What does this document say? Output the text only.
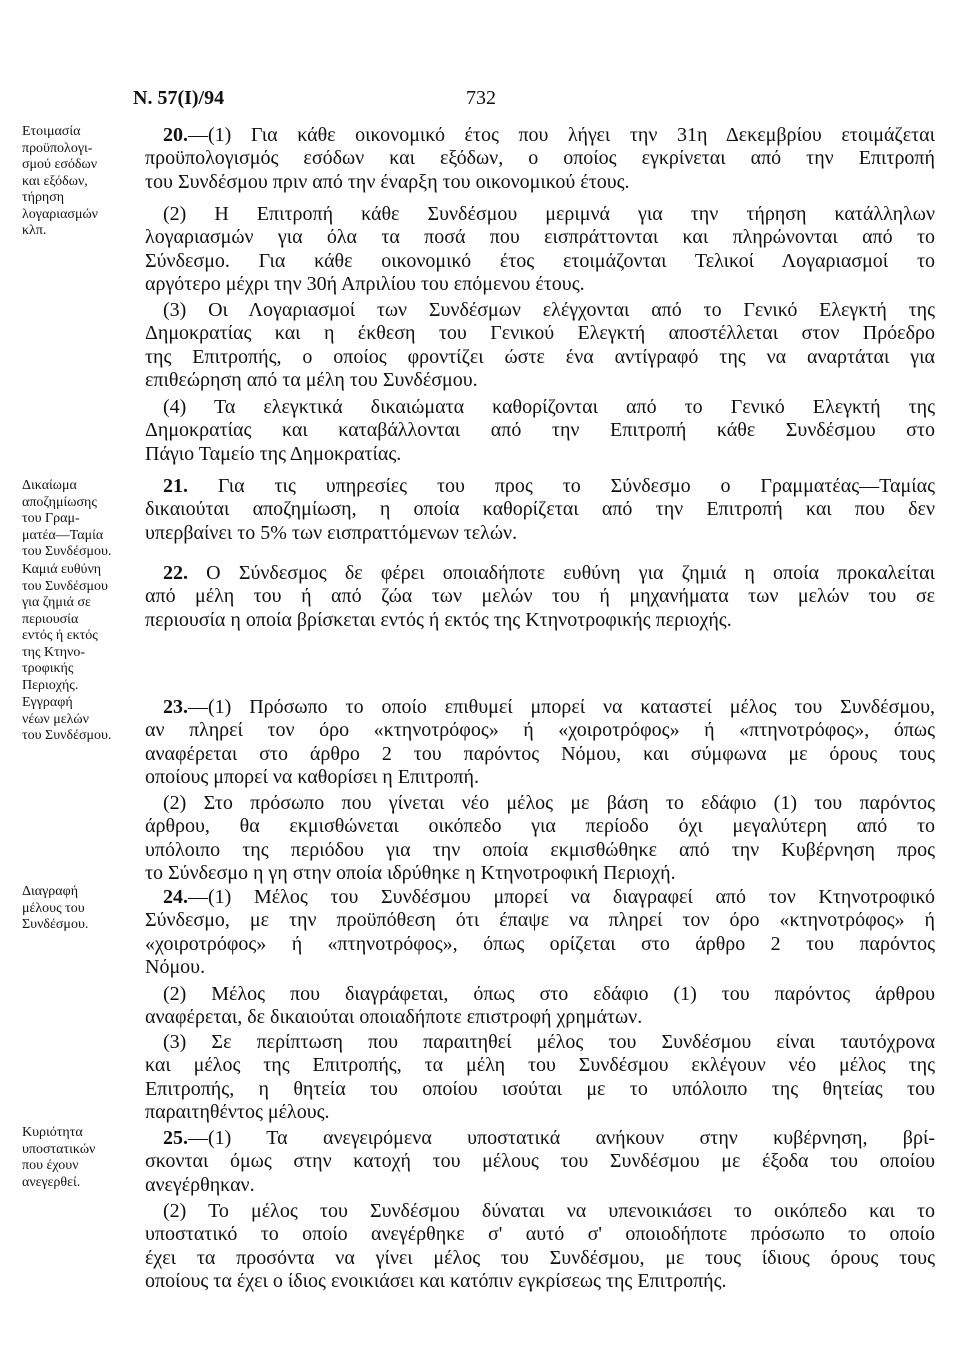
N. 57(I)/94	732
Ετοιμασία
προϋπολογι-
σμού εσόδων
και εξόδων,
τήρηση
λογαριασμών
κλπ.
Δικαίωμα
αποζημίωσης
του Γραμ-
ματέα—Ταμία
του Συνδέσμου.
Καμιά ευθύνη
του Συνδέσμου
για ζημιά σε
περιουσία
εντός ή εκτός
της Κτηνο-
τροφικής
Περιοχής.
Εγγραφή
νέων μελών
του Συνδέσμου.
Διαγραφή
μέλους του
Συνδέσμου.
Κυριότητα
υποστατικών
που έχουν
ανεγερθεί.
20.—(1) Για κάθε οικονομικό έτος που λήγει την 31η Δεκεμβρίου ετοιμάζεται
προϋπολογισμός εσόδων και εξόδων, ο οποίος εγκρίνεται από την Επιτροπή
του Συνδέσμου πριν από την έναρξη του οικονομικού έτους.
(2) Η Επιτροπή κάθε Συνδέσμου μεριμνά για την τήρηση κατάλληλων
λογαριασμών για όλα τα ποσά που εισπράττονται και πληρώνονται από το
Σύνδεσμο. Για κάθε οικονομικό έτος ετοιμάζονται Τελικοί Λογαριασμοί το
αργότερο μέχρι την 30ή Απριλίου του επόμενου έτους.
(3) Οι Λογαριασμοί των Συνδέσμων ελέγχονται από το Γενικό Ελεγκτή της
Δημοκρατίας και η έκθεση του Γενικού Ελεγκτή αποστέλλεται στον Πρόεδρο
της Επιτροπής, ο οποίος φροντίζει ώστε ένα αντίγραφό της να αναρτάται για
επιθεώρηση από τα μέλη του Συνδέσμου.
(4) Τα ελεγκτικά δικαιώματα καθορίζονται από το Γενικό Ελεγκτή της
Δημοκρατίας και καταβάλλονται από την Επιτροπή κάθε Συνδέσμου στο
Πάγιο Ταμείο της Δημοκρατίας.
21. Για τις υπηρεσίες του προς το Σύνδεσμο ο Γραμματέας—Ταμίας
δικαιούται αποζημίωση, η οποία καθορίζεται από την Επιτροπή και που δεν
υπερβαίνει το 5% των εισπραττόμενων τελών.
22. Ο Σύνδεσμος δε φέρει οποιαδήποτε ευθύνη για ζημιά η οποία προκαλείται
από μέλη του ή από ζώα των μελών του ή μηχανήματα των μελών του σε
περιουσία η οποία βρίσκεται εντός ή εκτός της Κτηνοτροφικής περιοχής.
23.—(1) Πρόσωπο το οποίο επιθυμεί μπορεί να καταστεί μέλος του Συνδέσμου,
αν πληρεί τον όρο «κτηνοτρόφος» ή «χοιροτρόφος» ή «πτηνοτρόφος», όπως
αναφέρεται στο άρθρο 2 του παρόντος Νόμου, και σύμφωνα με όρους τους
οποίους μπορεί να καθορίσει η Επιτροπή.
(2) Στο πρόσωπο που γίνεται νέο μέλος με βάση το εδάφιο (1) του παρόντος
άρθρου, θα εκμισθώνεται οικόπεδο για περίοδο όχι μεγαλύτερη από το
υπόλοιπο της περιόδου για την οποία εκμισθώθηκε από την Κυβέρνηση προς
το Σύνδεσμο η γη στην οποία ιδρύθηκε η Κτηνοτροφική Περιοχή.
24.—(1) Μέλος του Συνδέσμου μπορεί να διαγραφεί από τον Κτηνοτροφικό
Σύνδεσμο, με την προϋπόθεση ότι έπαψε να πληρεί τον όρο «κτηνοτρόφος» ή
«χοιροτρόφος» ή «πτηνοτρόφος», όπως ορίζεται στο άρθρο 2 του παρόντος
Νόμου.
(2) Μέλος που διαγράφεται, όπως στο εδάφιο (1) του παρόντος άρθρου
αναφέρεται, δε δικαιούται οποιαδήποτε επιστροφή χρημάτων.
(3) Σε περίπτωση που παραιτηθεί μέλος του Συνδέσμου είναι ταυτόχρονα
και μέλος της Επιτροπής, τα μέλη του Συνδέσμου εκλέγουν νέο μέλος της
Επιτροπής, η θητεία του οποίου ισούται με το υπόλοιπο της θητείας του
παραιτηθέντος μέλους.
25.—(1) Τα ανεγειρόμενα υποστατικά ανήκουν στην κυβέρνηση, βρί-
σκονται όμως στην κατοχή του μέλους του Συνδέσμου με έξοδα του οποίου
ανεγέρθηκαν.
(2) Το μέλος του Συνδέσμου δύναται να υπενοικιάσει το οικόπεδο και το
υποστατικό το οποίο ανεγέρθηκε σ' αυτό σ' οποιοδήποτε πρόσωπο το οποίο
έχει τα προσόντα να γίνει μέλος του Συνδέσμου, με τους ίδιους όρους τους
οποίους τα έχει ο ίδιος ενοικιάσει και κατόπιν εγκρίσεως της Επιτροπής.
